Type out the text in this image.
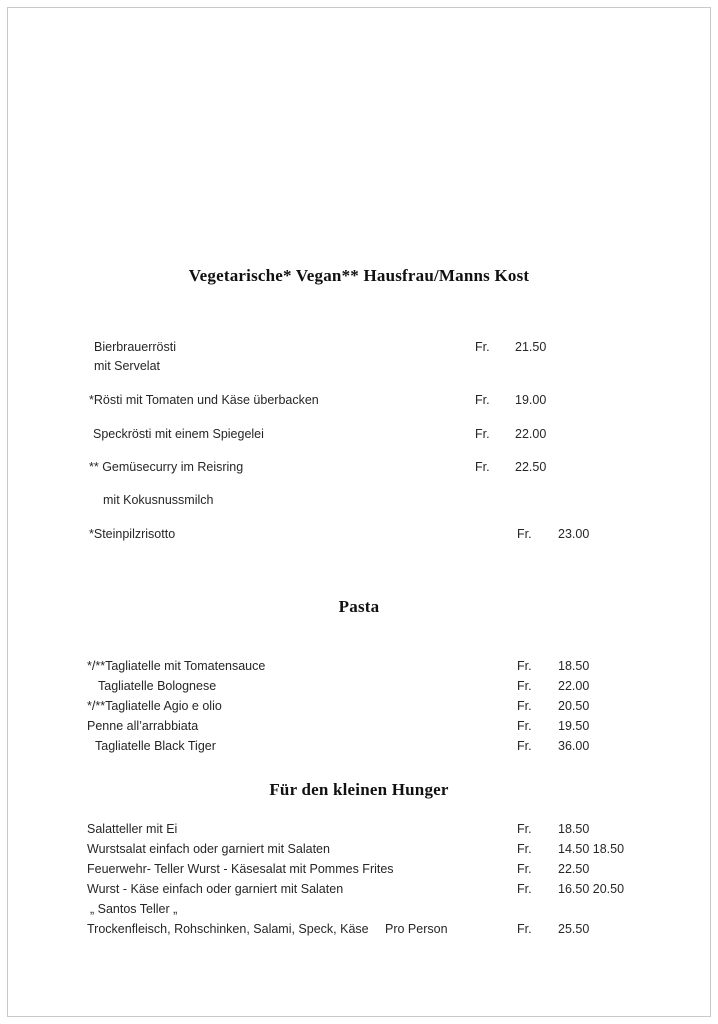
Vegetarische* Vegan** Hausfrau/Manns Kost
Bierbrauerrösti	Fr. 21.50
mit Servelat
*Rösti mit Tomaten und Käse überbacken	Fr. 19.00
Speckrösti mit einem Spiegelei	Fr. 22.00
** Gemüsecurry im Reisring	Fr. 22.50
mit Kokusnussmilch
*Steinpilzrisotto	Fr. 23.00
Pasta
*/**Tagliatelle mit Tomatensauce	Fr. 18.50
Tagliatelle Bolognese	Fr. 22.00
*/**Tagliatelle Agio e olio	Fr. 20.50
Penne all’arrabbiata	Fr. 19.50
Tagliatelle Black Tiger	Fr. 36.00
Für den kleinen Hunger
Salatteller mit Ei	Fr. 18.50
Wurstsalat einfach oder garniert mit Salaten	Fr. 14.50 18.50
Feuerwehr- Teller Wurst - Käsesalat mit Pommes Frites	Fr. 22.50
Wurst - Käse einfach oder garniert mit Salaten	Fr. 16.50 20.50
„ Santos Teller „
Trockenfleisch, Rohschinken, Salami, Speck, Käse Pro Person	Fr. 25.50
